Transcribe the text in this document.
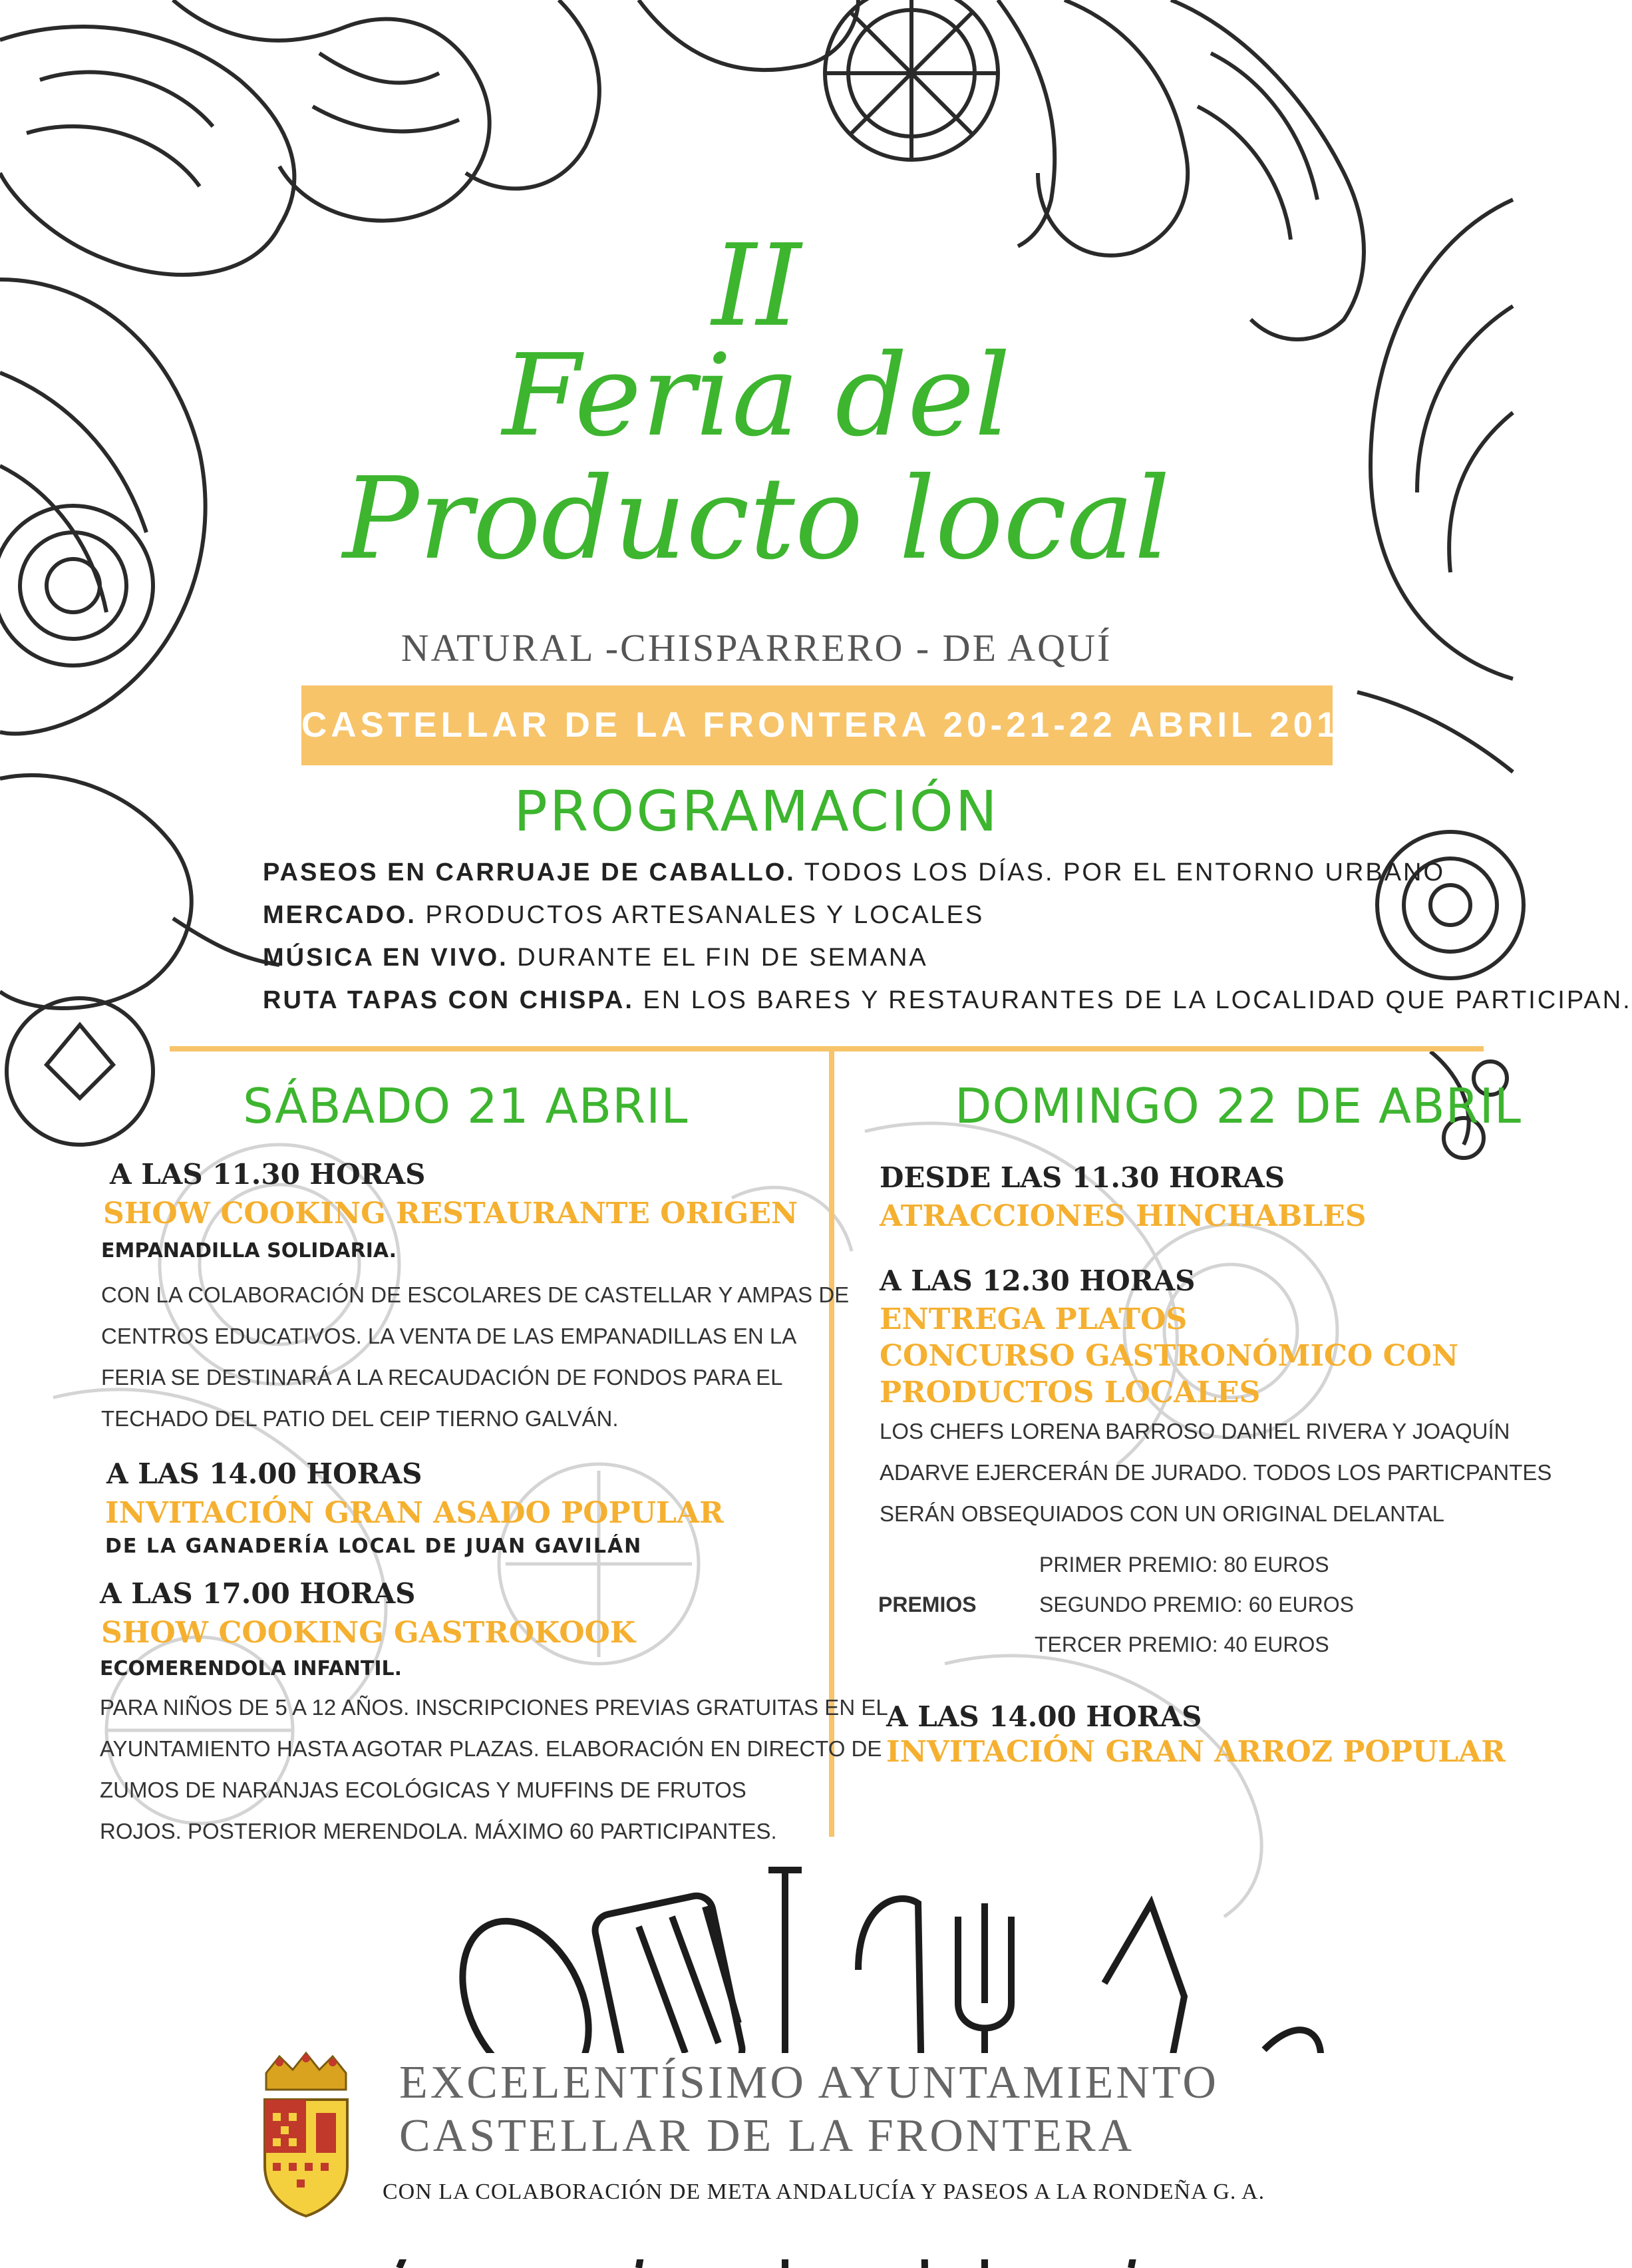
II
Feria del
Producto local
NATURAL -CHISPARRERO - DE AQUÍ
CASTELLAR DE LA FRONTERA 20-21-22 ABRIL 2018
PROGRAMACIÓN
PASEOS EN CARRUAJE DE CABALLO. TODOS LOS DÍAS. POR EL ENTORNO URBANO
MERCADO. PRODUCTOS ARTESANALES Y LOCALES
MÚSICA EN VIVO. DURANTE EL FIN DE SEMANA
RUTA TAPAS CON CHISPA. EN LOS BARES Y RESTAURANTES DE LA LOCALIDAD QUE PARTICIPAN.
SÁBADO 21 ABRIL
A LAS 11.30 HORAS
SHOW COOKING RESTAURANTE ORIGEN
EMPANADILLA SOLIDARIA.
CON LA COLABORACIÓN DE ESCOLARES DE CASTELLAR Y AMPAS DE
CENTROS EDUCATIVOS. LA VENTA DE LAS EMPANADILLAS EN LA
FERIA SE DESTINARÁ A LA RECAUDACIÓN DE FONDOS PARA EL
TECHADO DEL PATIO DEL CEIP TIERNO GALVÁN.
A LAS 14.00 HORAS
INVITACIÓN GRAN ASADO POPULAR
DE LA GANADERÍA LOCAL DE JUAN GAVILÁN
A LAS 17.00 HORAS
SHOW COOKING GASTROKOOK
ECOMERENDOLA INFANTIL.
PARA NIÑOS DE 5 A 12 AÑOS. INSCRIPCIONES PREVIAS GRATUITAS EN EL
AYUNTAMIENTO HASTA AGOTAR PLAZAS. ELABORACIÓN EN DIRECTO DE
ZUMOS DE NARANJAS ECOLÓGICAS Y MUFFINS DE FRUTOS
ROJOS. POSTERIOR MERENDOLA. MÁXIMO 60 PARTICIPANTES.
DOMINGO 22 DE ABRIL
DESDE LAS 11.30 HORAS
ATRACCIONES HINCHABLES
A LAS 12.30 HORAS
ENTREGA PLATOS
CONCURSO GASTRONÓMICO CON
PRODUCTOS LOCALES
LOS CHEFS LORENA BARROSO DANIEL RIVERA Y JOAQUÍN
ADARVE EJERCERÁN DE JURADO. TODOS LOS PARTICPANTES
SERÁN OBSEQUIADOS CON UN ORIGINAL DELANTAL
PREMIOS
PRIMER PREMIO: 80 EUROS
SEGUNDO PREMIO: 60 EUROS
TERCER PREMIO: 40 EUROS
A LAS 14.00 HORAS
INVITACIÓN GRAN ARROZ POPULAR
EXCELENTÍSIMO AYUNTAMIENTO
CASTELLAR DE LA FRONTERA
CON LA COLABORACIÓN DE META ANDALUCÍA Y PASEOS A LA RONDEÑA G. A.
